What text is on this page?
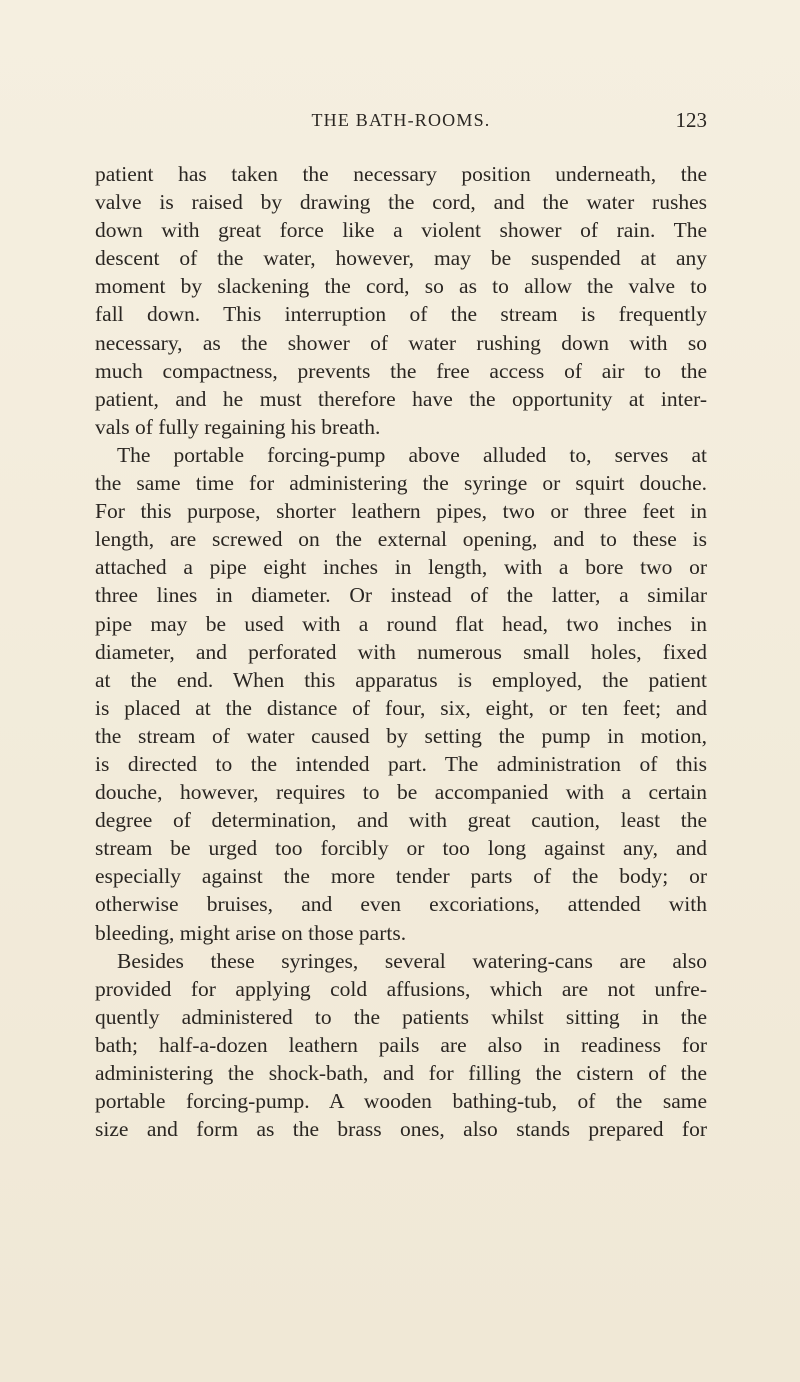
THE BATH-ROOMS.	123
patient has taken the necessary position underneath, the
valve is raised by drawing the cord, and the water rushes
down with great force like a violent shower of rain. The
descent of the water, however, may be suspended at any
moment by slackening the cord, so as to allow the valve to
fall down. This interruption of the stream is frequently
necessary, as the shower of water rushing down with so
much compactness, prevents the free access of air to the
patient, and he must therefore have the opportunity at inter-
vals of fully regaining his breath.
The portable forcing-pump above alluded to, serves at
the same time for administering the syringe or squirt douche.
For this purpose, shorter leathern pipes, two or three feet in
length, are screwed on the external opening, and to these is
attached a pipe eight inches in length, with a bore two or
three lines in diameter. Or instead of the latter, a similar
pipe may be used with a round flat head, two inches in
diameter, and perforated with numerous small holes, fixed
at the end. When this apparatus is employed, the patient
is placed at the distance of four, six, eight, or ten feet; and
the stream of water caused by setting the pump in motion,
is directed to the intended part. The administration of this
douche, however, requires to be accompanied with a certain
degree of determination, and with great caution, least the
stream be urged too forcibly or too long against any, and
especially against the more tender parts of the body; or
otherwise bruises, and even excoriations, attended with
bleeding, might arise on those parts.
Besides these syringes, several watering-cans are also
provided for applying cold affusions, which are not unfre-
quently administered to the patients whilst sitting in the
bath; half-a-dozen leathern pails are also in readiness for
administering the shock-bath, and for filling the cistern of the
portable forcing-pump. A wooden bathing-tub, of the same
size and form as the brass ones, also stands prepared for
